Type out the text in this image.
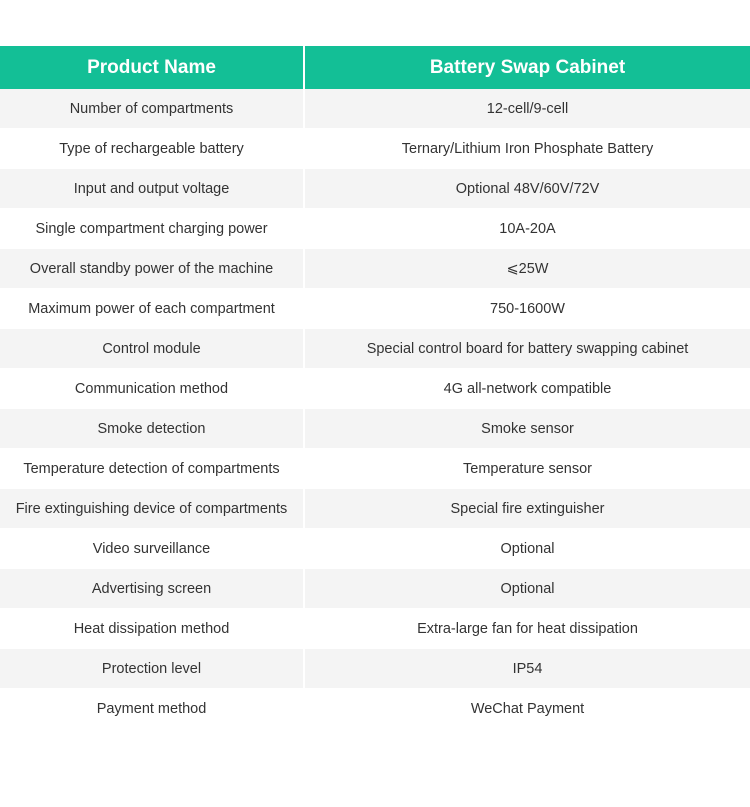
Product Name	Battery Swap Cabinet
Number of compartments	12-cell/9-cell
Type of rechargeable battery	Ternary/Lithium Iron Phosphate Battery
Input and output voltage	Optional 48V/60V/72V
Single compartment charging power	10A-20A
Overall standby power of the machine	⩽25W
Maximum power of each compartment	750-1600W
Control module	Special control board for battery swapping cabinet
Communication method	4G all-network compatible
Smoke detection	Smoke sensor
Temperature detection of compartments	Temperature sensor
Fire extinguishing device of compartments	Special fire extinguisher
Video surveillance	Optional
Advertising screen	Optional
Heat dissipation method	Extra-large fan for heat dissipation
Protection level	IP54
Payment method	WeChat Payment
